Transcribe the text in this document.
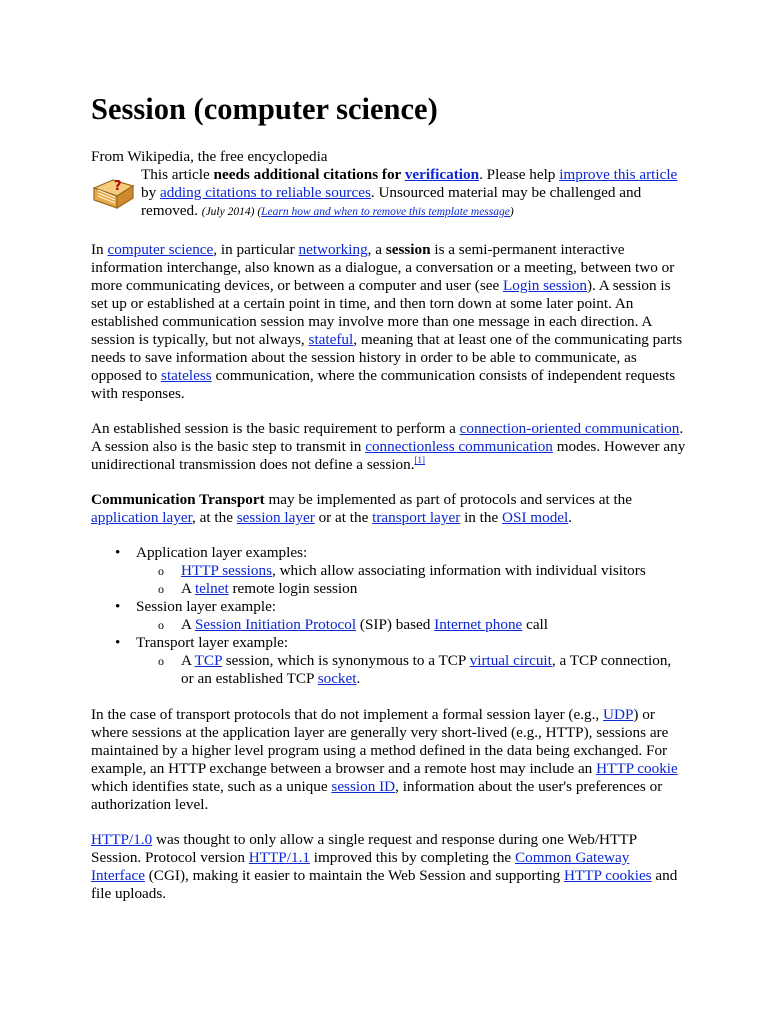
Session (computer science)
From Wikipedia, the free encyclopedia
?
This article needs additional citations for verification. Please help improve this article by adding citations to reliable sources. Unsourced material may be challenged and removed. (July 2014) (Learn how and when to remove this template message)

In computer science, in particular networking, a session is a semi-permanent interactive information interchange, also known as a dialogue, a conversation or a meeting, between two or more communicating devices, or between a computer and user (see Login session). A session is set up or established at a certain point in time, and then torn down at some later point. An established communication session may involve more than one message in each direction. A session is typically, but not always, stateful, meaning that at least one of the communicating parts needs to save information about the session history in order to be able to communicate, as opposed to stateless communication, where the communication consists of independent requests with responses.

An established session is the basic requirement to perform a connection-oriented communication. A session also is the basic step to transmit in connectionless communication modes. However any unidirectional transmission does not define a session.[1]

Communication Transport may be implemented as part of protocols and services at the application layer, at the session layer or at the transport layer in the OSI model.

• Application layer examples:
o HTTP sessions, which allow associating information with individual visitors
o A telnet remote login session
• Session layer example:
o A Session Initiation Protocol (SIP) based Internet phone call
• Transport layer example:
o A TCP session, which is synonymous to a TCP virtual circuit, a TCP connection, or an established TCP socket.

In the case of transport protocols that do not implement a formal session layer (e.g., UDP) or where sessions at the application layer are generally very short-lived (e.g., HTTP), sessions are maintained by a higher level program using a method defined in the data being exchanged. For example, an HTTP exchange between a browser and a remote host may include an HTTP cookie which identifies state, such as a unique session ID, information about the user's preferences or authorization level.

HTTP/1.0 was thought to only allow a single request and response during one Web/HTTP Session. Protocol version HTTP/1.1 improved this by completing the Common Gateway Interface (CGI), making it easier to maintain the Web Session and supporting HTTP cookies and file uploads.
